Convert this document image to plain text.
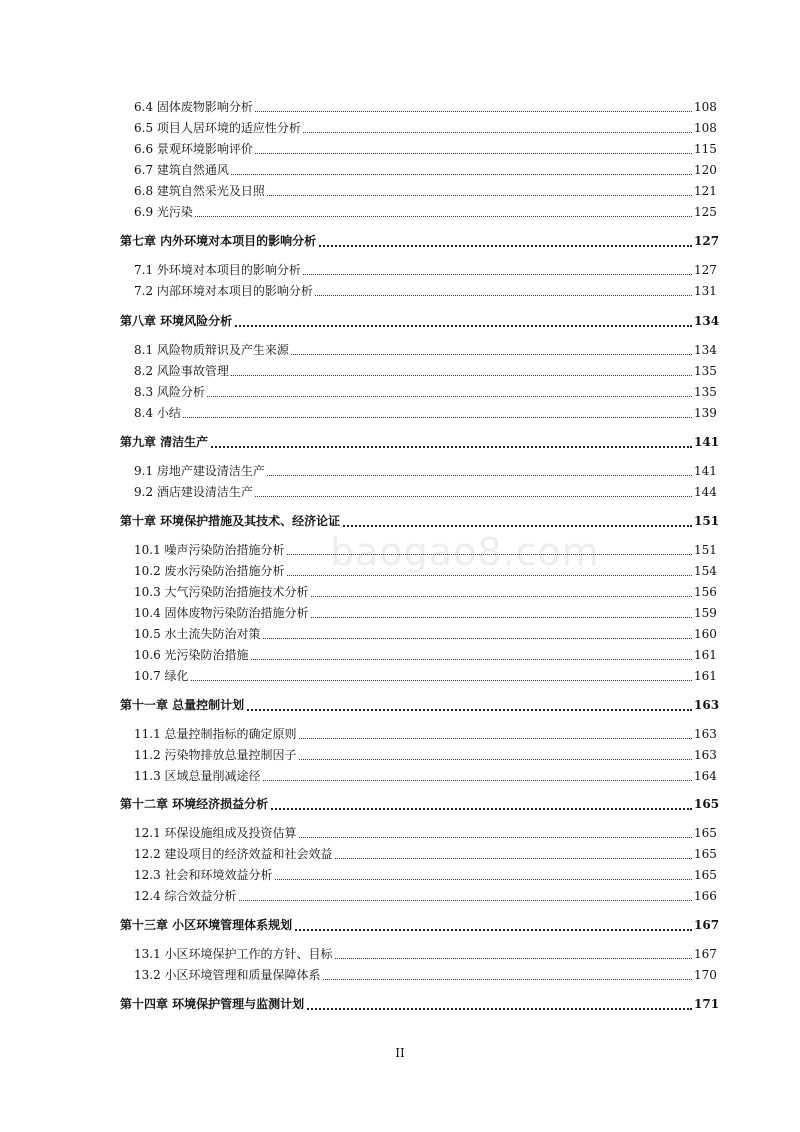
6.4 固体废物影响分析	108
6.5 项目人居环境的适应性分析	108
6.6 景观环境影响评价	115
6.7 建筑自然通风	120
6.8 建筑自然采光及日照	121
6.9 光污染	125
第七章 内外环境对本项目的影响分析	127
7.1 外环境对本项目的影响分析	127
7.2 内部环境对本项目的影响分析	131
第八章 环境风险分析	134
8.1 风险物质辩识及产生来源	134
8.2 风险事故管理	135
8.3 风险分析	135
8.4 小结	139
第九章 清洁生产	141
9.1 房地产建设清洁生产	141
9.2 酒店建设清洁生产	144
第十章 环境保护措施及其技术、经济论证	151
10.1 噪声污染防治措施分析	151
10.2 废水污染防治措施分析	154
10.3 大气污染防治措施技术分析	156
10.4 固体废物污染防治措施分析	159
10.5 水土流失防治对策	160
10.6 光污染防治措施	161
10.7 绿化	161
第十一章 总量控制计划	163
11.1 总量控制指标的确定原则	163
11.2 污染物排放总量控制因子	163
11.3 区域总量削减途径	164
第十二章 环境经济损益分析	165
12.1 环保设施组成及投资估算	165
12.2 建设项目的经济效益和社会效益	165
12.3 社会和环境效益分析	165
12.4 综合效益分析	166
第十三章 小区环境管理体系规划	167
13.1 小区环境保护工作的方针、目标	167
13.2 小区环境管理和质量保障体系	170
第十四章 环境保护管理与监测计划	171
baogao8.com
II
